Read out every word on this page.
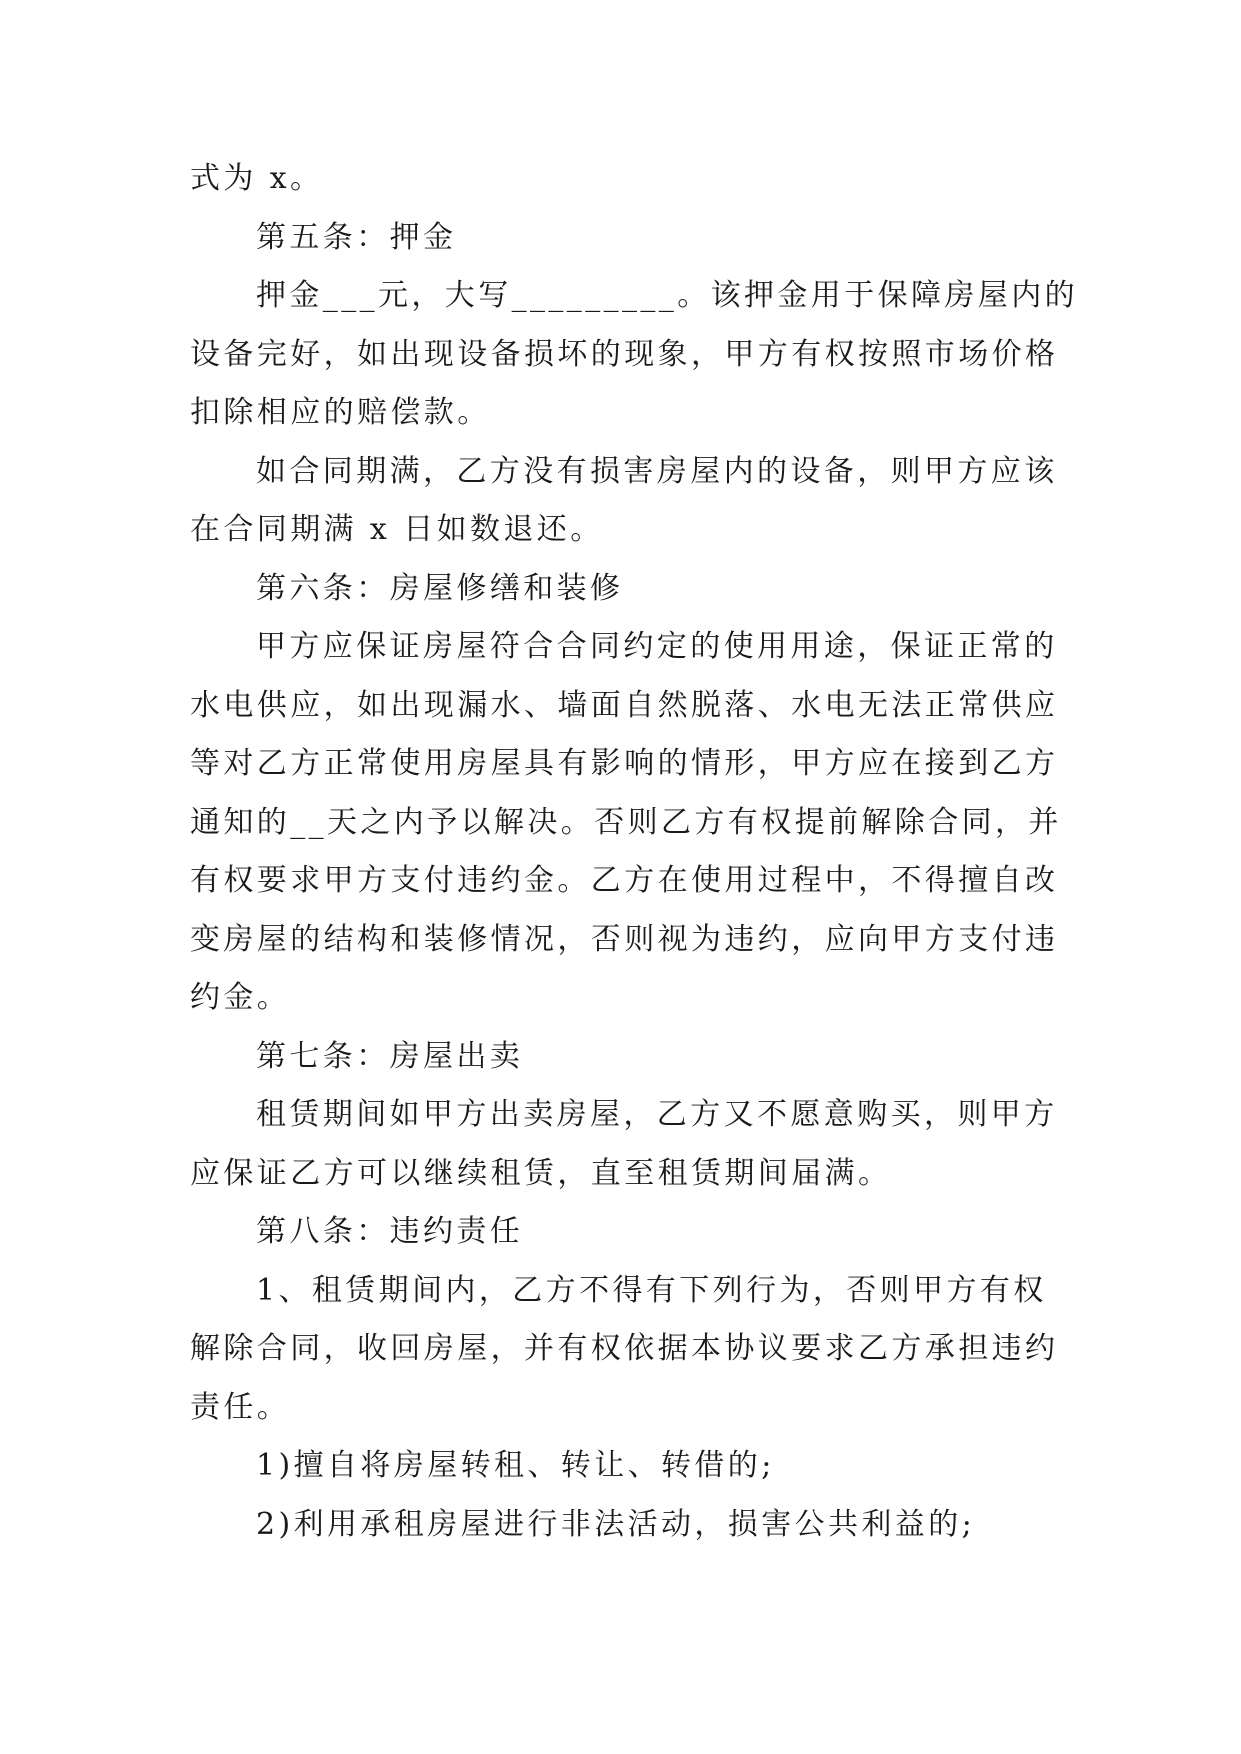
式为 x。

第五条：押金

押金___元，大写_________。该押金用于保障房屋内的

设备完好，如出现设备损坏的现象，甲方有权按照市场价格

扣除相应的赔偿款。

如合同期满，乙方没有损害房屋内的设备，则甲方应该

在合同期满 x 日如数退还。

第六条：房屋修缮和装修

甲方应保证房屋符合合同约定的使用用途，保证正常的

水电供应，如出现漏水、墙面自然脱落、水电无法正常供应

等对乙方正常使用房屋具有影响的情形，甲方应在接到乙方

通知的__天之内予以解决。否则乙方有权提前解除合同，并

有权要求甲方支付违约金。乙方在使用过程中，不得擅自改

变房屋的结构和装修情况，否则视为违约，应向甲方支付违

约金。

第七条：房屋出卖

租赁期间如甲方出卖房屋，乙方又不愿意购买，则甲方

应保证乙方可以继续租赁，直至租赁期间届满。

第八条：违约责任

1、租赁期间内，乙方不得有下列行为，否则甲方有权

解除合同，收回房屋，并有权依据本协议要求乙方承担违约

责任。

1)擅自将房屋转租、转让、转借的;

2)利用承租房屋进行非法活动，损害公共利益的;
